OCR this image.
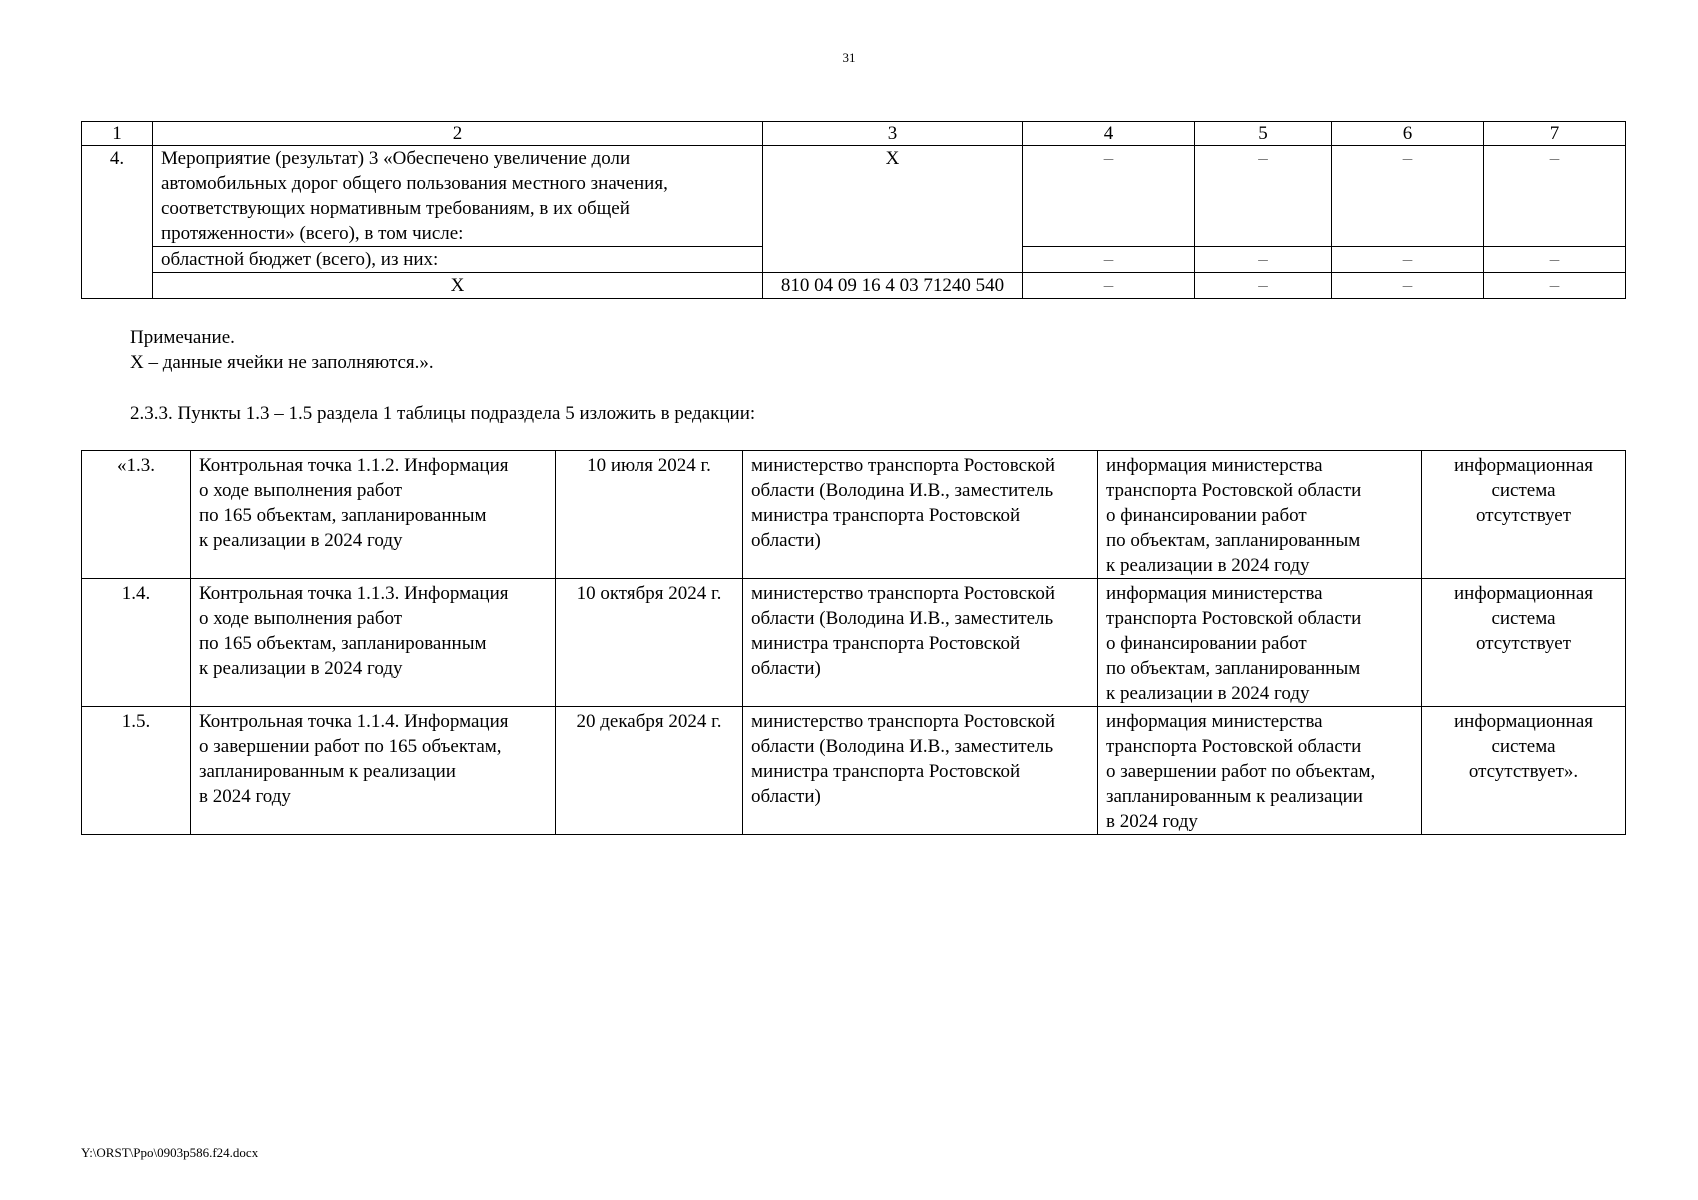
31
1	2	3	4	5	6	7
4.	Мероприятие (результат) 3 «Обеспечено увеличение доли
автомобильных дорог общего пользования местного значения,
соответствующих нормативным требованиям, в их общей
протяженности» (всего), в том числе:	X	–	–	–	–
	областной бюджет (всего), из них:		–	–	–	–
	X	810 04 09 16 4 03 71240 540	–	–	–	–

Примечание.

X – данные ячейки не заполняются.».

2.3.3. Пункты 1.3 – 1.5 раздела 1 таблицы подраздела 5 изложить в редакции:

«1.3.	Контрольная точка 1.1.2. Информация
о ходе выполнения работ
по 165 объектам, запланированным
к реализации в 2024 году	10 июля 2024 г.	министерство транспорта Ростовской
области (Володина И.В., заместитель
министра транспорта Ростовской
области)	информация министерства
транспорта Ростовской области
о финансировании работ
по объектам, запланированным
к реализации в 2024 году	информационная
система
отсутствует
1.4.	Контрольная точка 1.1.3. Информация
о ходе выполнения работ
по 165 объектам, запланированным
к реализации в 2024 году	10 октября 2024 г.	министерство транспорта Ростовской
области (Володина И.В., заместитель
министра транспорта Ростовской
области)	информация министерства
транспорта Ростовской области
о финансировании работ
по объектам, запланированным
к реализации в 2024 году	информационная
система
отсутствует
1.5.	Контрольная точка 1.1.4. Информация
о завершении работ по 165 объектам,
запланированным к реализации
в 2024 году	20 декабря 2024 г.	министерство транспорта Ростовской
области (Володина И.В., заместитель
министра транспорта Ростовской
области)	информация министерства
транспорта Ростовской области
о завершении работ по объектам,
запланированным к реализации
в 2024 году	информационная
система
отсутствует».
Y:\ORST\Ppo\0903p586.f24.docx
